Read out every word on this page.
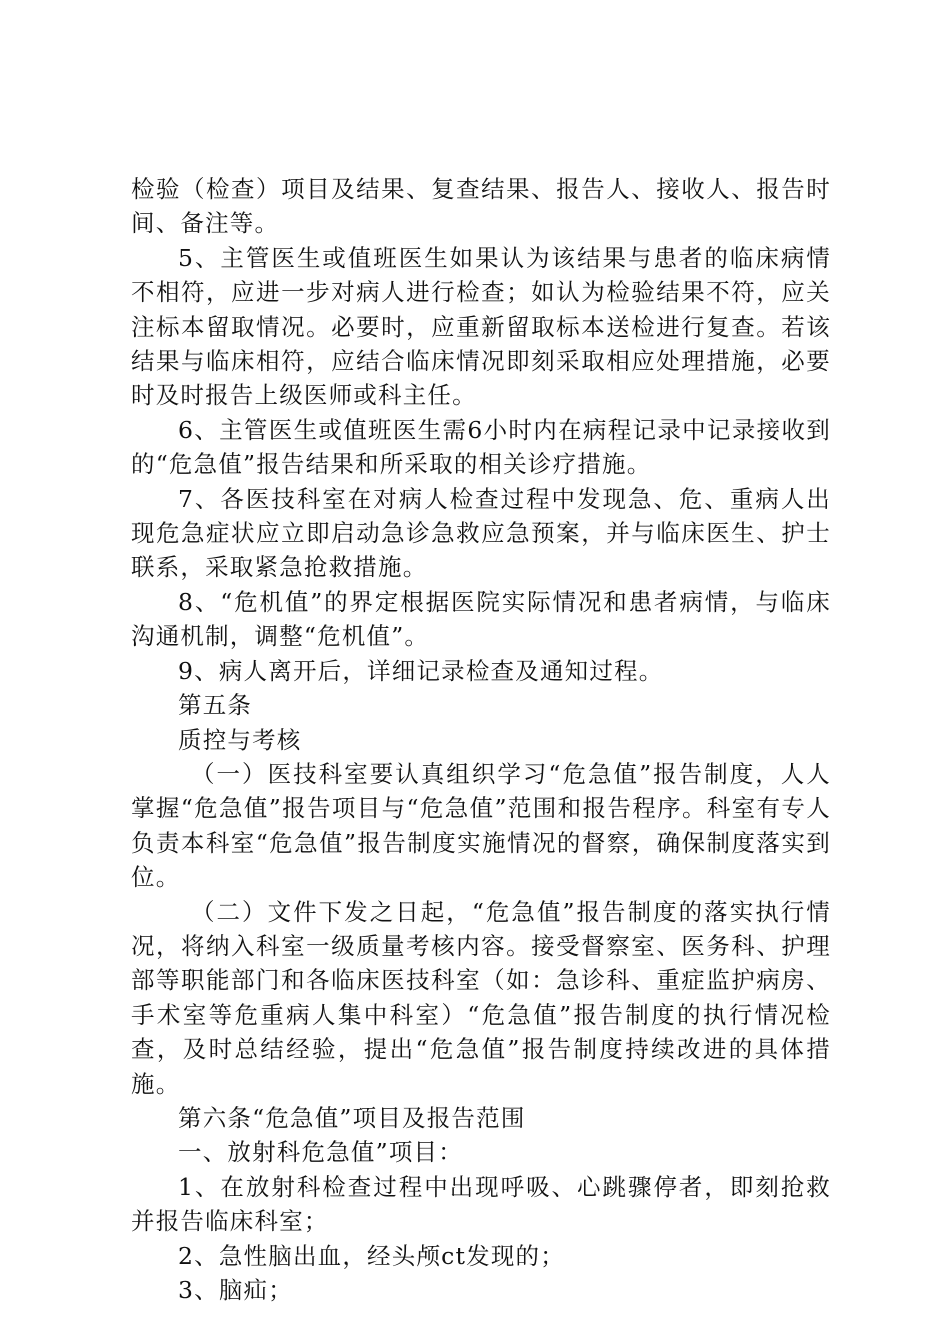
检验（检查）项目及结果、复查结果、报告人、接收人、报告时间、备注等。

5、主管医生或值班医生如果认为该结果与患者的临床病情不相符，应进一步对病人进行检查；如认为检验结果不符，应关注标本留取情况。必要时，应重新留取标本送检进行复查。若该结果与临床相符，应结合临床情况即刻采取相应处理措施，必要时及时报告上级医师或科主任。

6、主管医生或值班医生需6小时内在病程记录中记录接收到的“危急值”报告结果和所采取的相关诊疗措施。

7、各医技科室在对病人检查过程中发现急、危、重病人出现危急症状应立即启动急诊急救应急预案，并与临床医生、护士联系，采取紧急抢救措施。

8、“危机值”的界定根据医院实际情况和患者病情，与临床沟通机制，调整“危机值”。

9、病人离开后，详细记录检查及通知过程。

第五条

质控与考核

（一）医技科室要认真组织学习“危急值”报告制度，人人掌握“危急值”报告项目与“危急值”范围和报告程序。科室有专人负责本科室“危急值”报告制度实施情况的督察，确保制度落实到位。

（二）文件下发之日起，“危急值”报告制度的落实执行情况，将纳入科室一级质量考核内容。接受督察室、医务科、护理部等职能部门和各临床医技科室（如：急诊科、重症监护病房、手术室等危重病人集中科室）“危急值”报告制度的执行情况检查，及时总结经验，提出“危急值”报告制度持续改进的具体措施。

第六条“危急值”项目及报告范围

一、放射科危急值”项目：

1、在放射科检查过程中出现呼吸、心跳骤停者，即刻抢救并报告临床科室；

2、急性脑出血，经头颅ct发现的；

3、脑疝；
